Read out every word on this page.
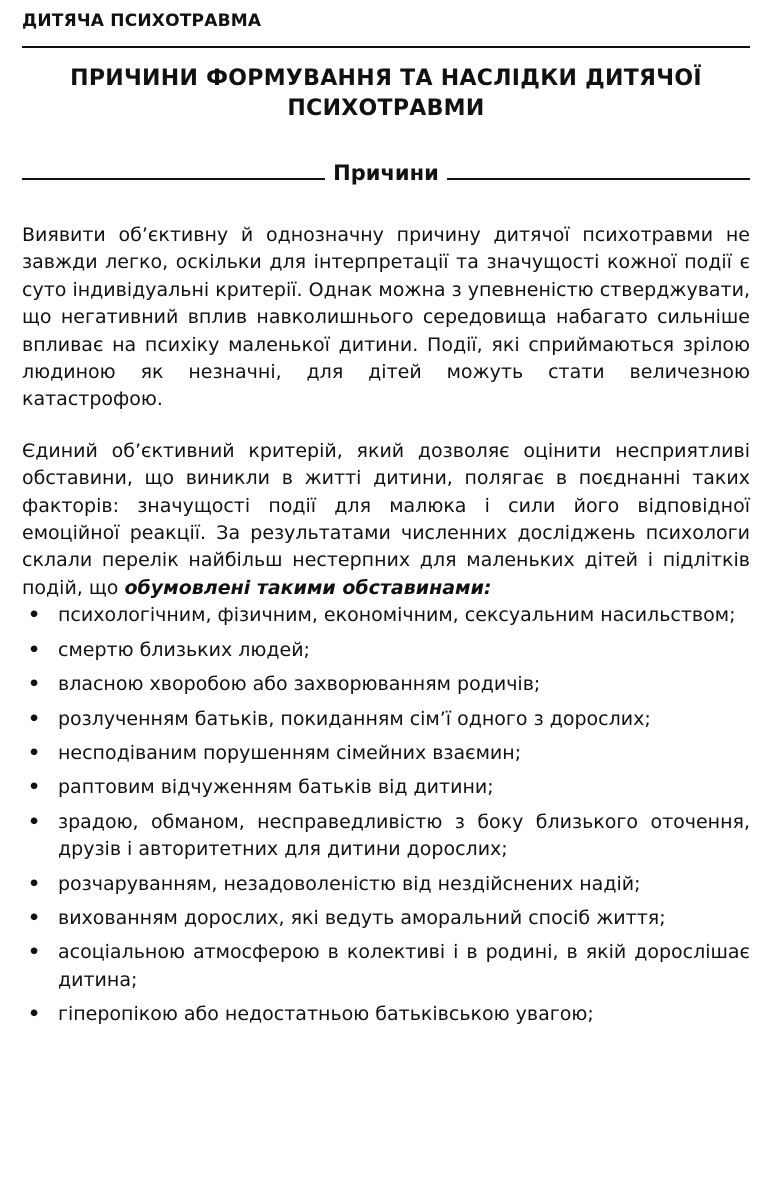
ДИТЯЧА ПСИХОТРАВМА
ПРИЧИНИ ФОРМУВАННЯ ТА НАСЛІДКИ ДИТЯЧОЇ ПСИХОТРАВМИ
Причини

Виявити об’єктивну й однозначну причину дитячої психотравми не завжди легко, оскільки для інтерпретації та значущості кожної події є суто індивідуальні критерії. Однак можна з упевненістю стверджувати, що негативний вплив навколишнього середовища набагато сильніше впливає на психіку маленької дитини. Події, які сприймаються зрілою людиною як незначні, для дітей можуть стати величезною катастрофою.

Єдиний об’єктивний критерій, який дозволяє оцінити несприятливі обставини, що виникли в житті дитини, полягає в поєднанні таких факторів: значущості події для малюка і сили його відповідної емоційної реакції. За результатами численних досліджень психологи склали перелік найбільш нестерпних для маленьких дітей і підлітків подій, що обумовлені такими обставинами:

• психологічним, фізичним, економічним, сексуальним насильством;
• смертю близьких людей;
• власною хворобою або захворюванням родичів;
• розлученням батьків, покиданням сім’ї одного з дорослих;
• несподіваним порушенням сімейних взаємин;
• раптовим відчуженням батьків від дитини;
• зрадою, обманом, несправедливістю з боку близького оточення, друзів і авторитетних для дитини дорослих;
• розчаруванням, незадоволеністю від нездійснених надій;
• вихованням дорослих, які ведуть аморальний спосіб життя;
• асоціальною атмосферою в колективі і в родині, в якій дорослішає дитина;
• гіперопікою або недостатньою батьківською увагою;
